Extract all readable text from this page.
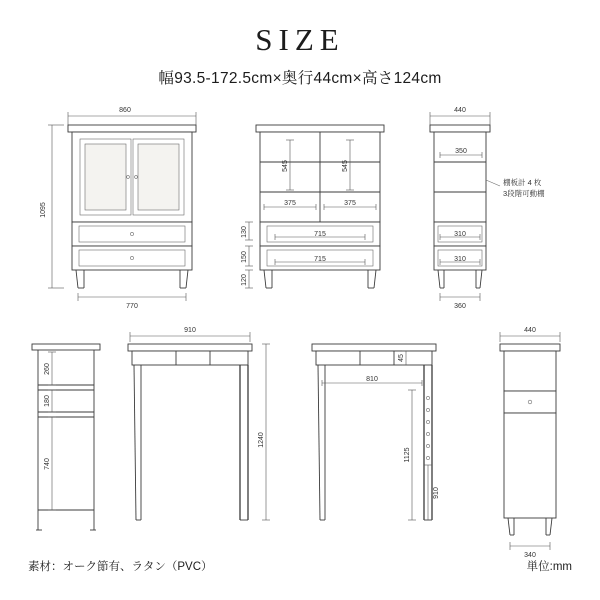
SIZE
幅93.5-172.5cm×奥行44cm×高さ124cm
860
1095
770
545	545
375	375
130	715
150	715
120
440
350
310
310
360
棚板計 4 枚
3段階可動棚
260
180
740
910
1240
45
810
1125
910
440
340
素材：オーク節有、ラタン（PVC）	単位:mm
